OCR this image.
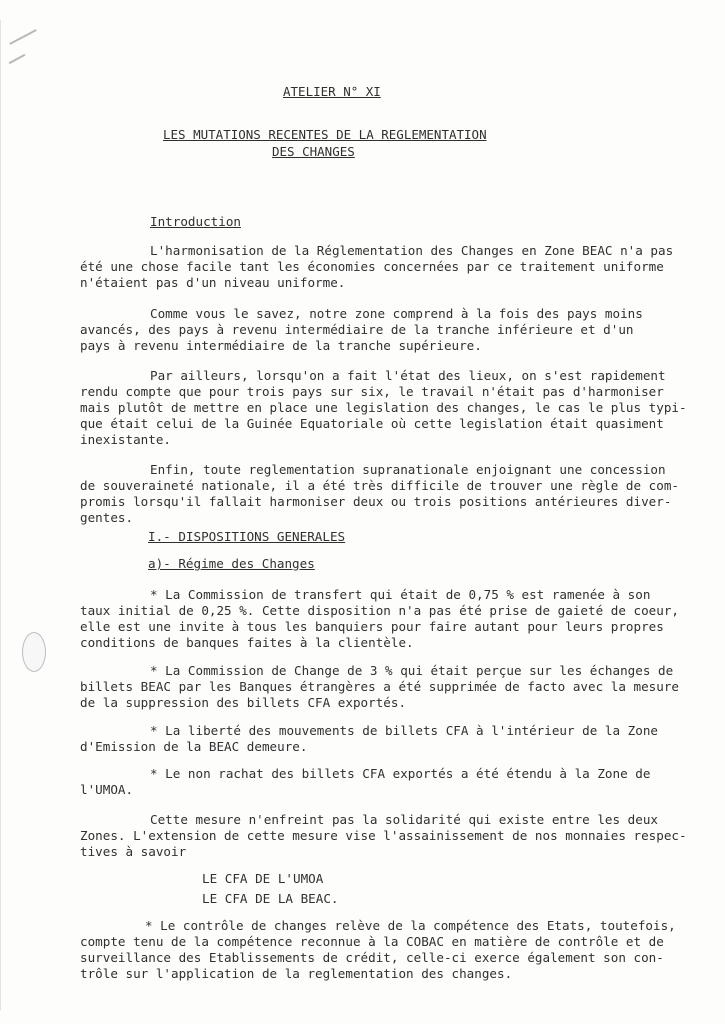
ATELIER N° XI
LES MUTATIONS RECENTES DE LA REGLEMENTATION
DES CHANGES
Introduction
L'harmonisation de la Réglementation des Changes en Zone BEAC n'a pas
été une chose facile tant les économies concernées par ce traitement uniforme
n'étaient pas d'un niveau uniforme.
Comme vous le savez, notre zone comprend à la fois des pays moins
avancés, des pays à revenu intermédiaire de la tranche inférieure et d'un
pays à revenu intermédiaire de la tranche supérieure.
Par ailleurs, lorsqu'on a fait l'état des lieux, on s'est rapidement
rendu compte que pour trois pays sur six, le travail n'était pas d'harmoniser
mais plutôt de mettre en place une legislation des changes, le cas le plus typi-
que était celui de la Guinée Equatoriale où cette legislation était quasiment
inexistante.
Enfin, toute reglementation supranationale enjoignant une concession
de souveraineté nationale, il a été très difficile de trouver une règle de com-
promis lorsqu'il fallait harmoniser deux ou trois positions antérieures diver-
gentes.
I.- DISPOSITIONS GENERALES
a)- Régime des Changes
* La Commission de transfert qui était de 0,75 % est ramenée à son
taux initial de 0,25 %. Cette disposition n'a pas été prise de gaieté de coeur,
elle est une invite à tous les banquiers pour faire autant pour leurs propres
conditions de banques faites à la clientèle.
* La Commission de Change de 3 % qui était perçue sur les échanges de
billets BEAC par les Banques étrangères a été supprimée de facto avec la mesure
de la suppression des billets CFA exportés.
* La liberté des mouvements de billets CFA à l'intérieur de la Zone
d'Emission de la BEAC demeure.
* Le non rachat des billets CFA exportés a été étendu à la Zone de
l'UMOA.
Cette mesure n'enfreint pas la solidarité qui existe entre les deux
Zones. L'extension de cette mesure vise l'assainissement de nos monnaies respec-
tives à savoir
LE CFA DE L'UMOA
LE CFA DE LA BEAC.
* Le contrôle de changes relève de la compétence des Etats, toutefois,
compte tenu de la compétence reconnue à la COBAC en matière de contrôle et de
surveillance des Etablissements de crédit, celle-ci exerce également son con-
trôle sur l'application de la reglementation des changes.
